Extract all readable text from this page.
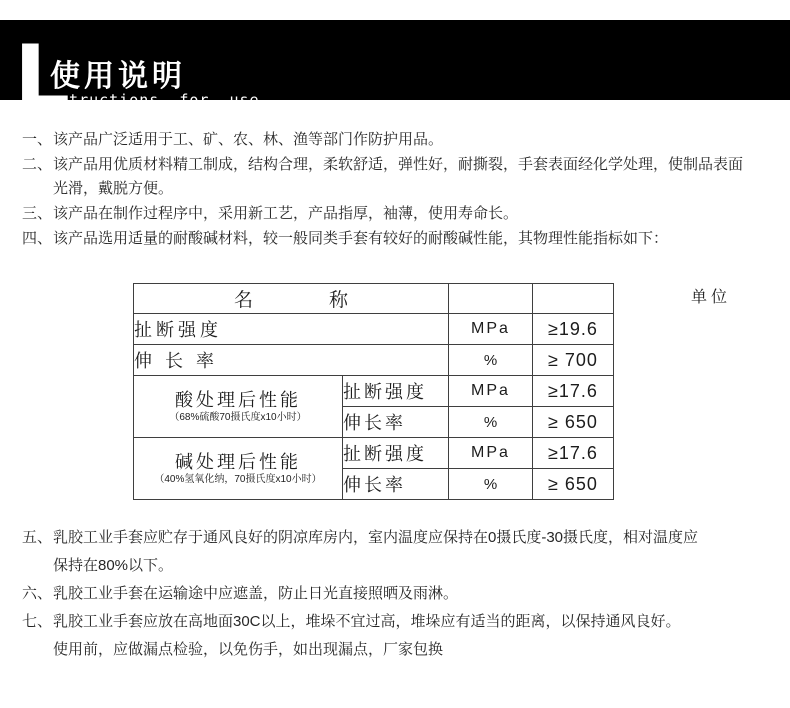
L
使用说明
nstructions for use
一、 该产品广泛适用于工、矿、农、林、渔等部门作防护用品。
二、 该产品用优质材料精工制成，结构合理，柔软舒适，弹性好，耐撕裂，手套表面经化学处理，使制品表面
光滑，戴脱方便。
三、 该产品在制作过程序中，采用新工艺，产品指厚，袖薄，使用寿命长。
四、 该产品选用适量的耐酸碱材料，较一般同类手套有较好的耐酸碱性能，其物理性能指标如下：
名 称			

扯断强度		MPa	≥19.6
伸 长 率		%	≥ 700

酸处理后性能
（68%硫酸70摄氏度x10小时）	扯断强度	MPa	≥17.6
	伸长率	%	≥ 650

碱处理后性能
（40%氢氧化纳，70摄氏度x10小时）	扯断强度	MPa	≥17.6
	伸长率	%	≥ 650
单位
五、 乳胶工业手套应贮存于通风良好的阴凉库房内，室内温度应保持在0摄氏度-30摄氏度，相对温度应
保持在80%以下。
六、 乳胶工业手套在运输途中应遮盖，防止日光直接照晒及雨淋。
七、 乳胶工业手套应放在高地面30C以上，堆垛不宜过高，堆垛应有适当的距离，以保持通风良好。
使用前，应做漏点检验，以免伤手，如出现漏点，厂家包换
